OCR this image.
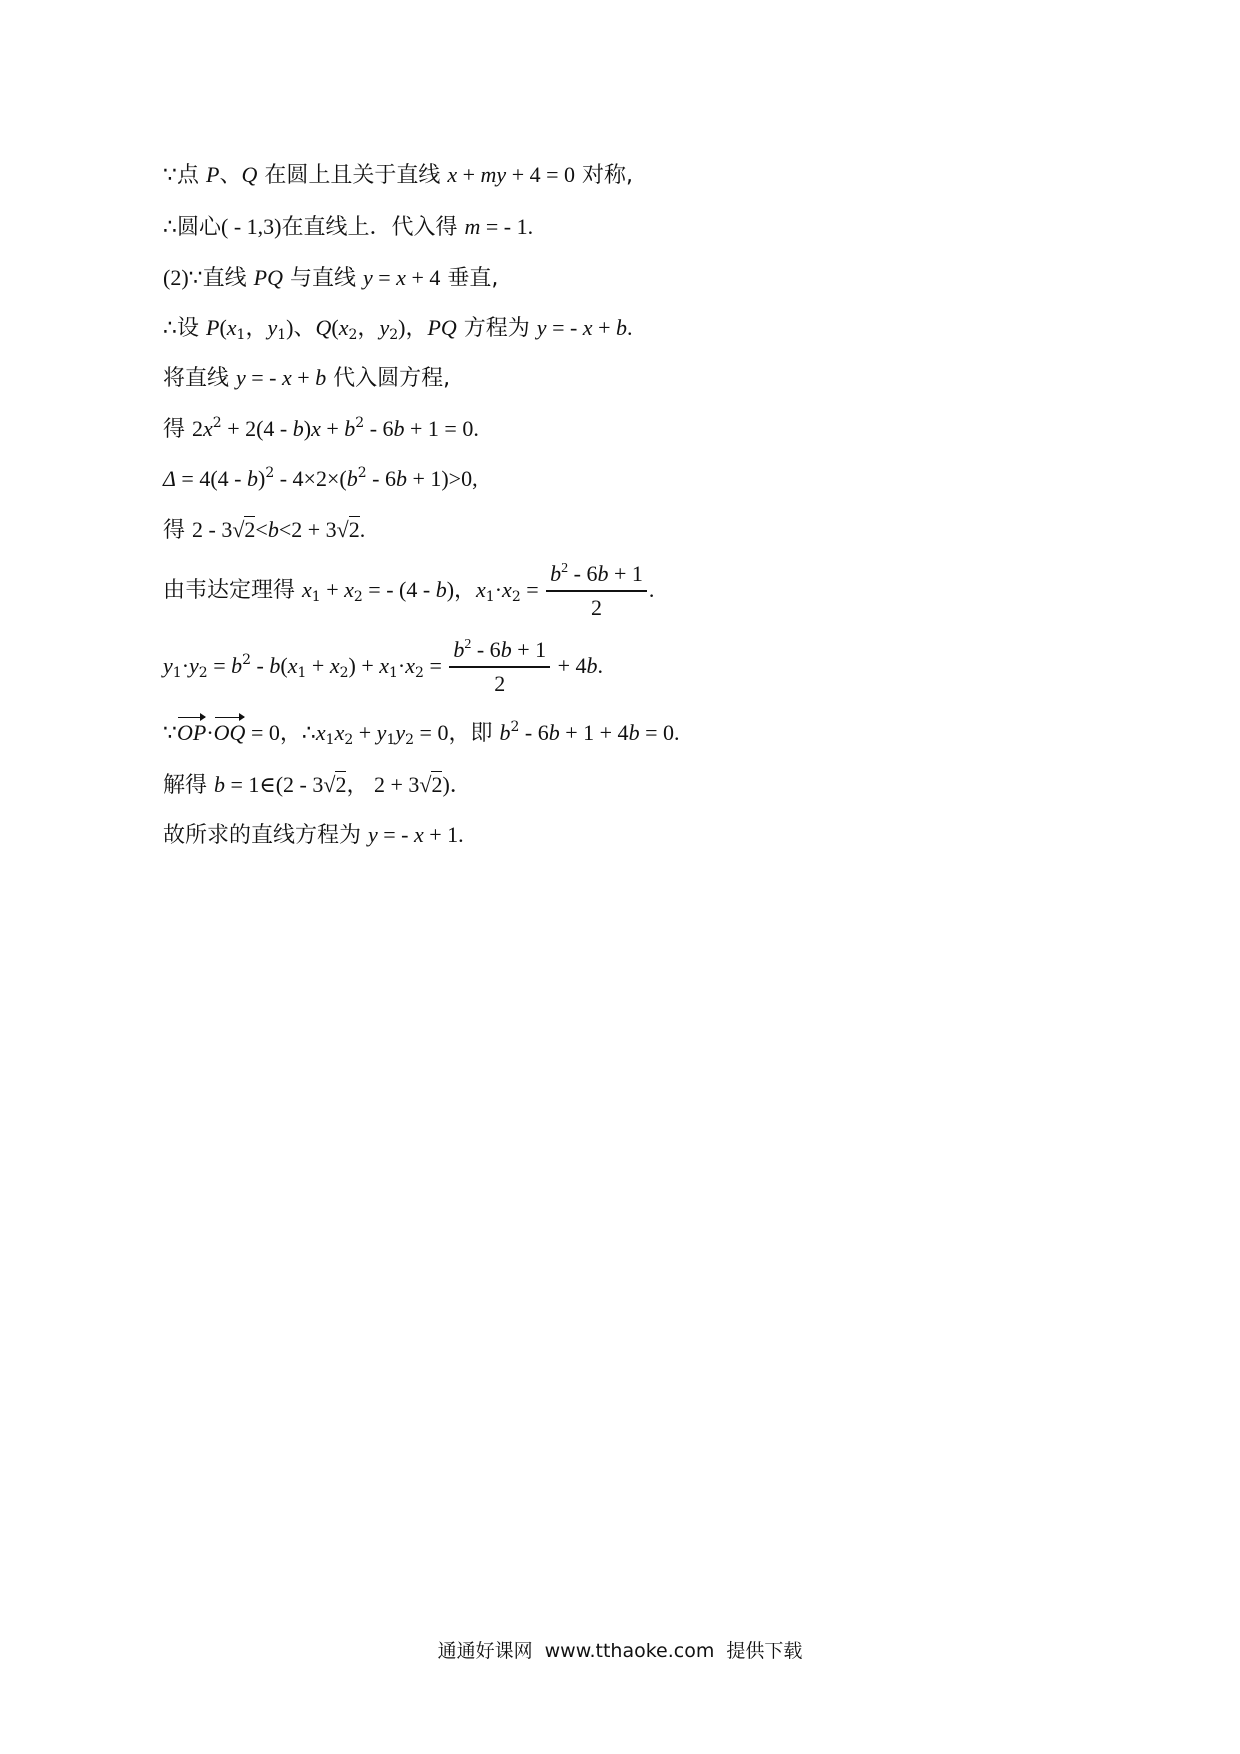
∵点 P、Q 在圆上且关于直线 x + my + 4 = 0 对称,
∴圆心( - 1,3)在直线上．代入得 m = - 1.
(2)∵直线 PQ 与直线 y = x + 4 垂直,
∴设 $P(x_1$，$y_1$)、$Q(x_2$，$y_2$)，PQ 方程为 y = - x + b.
将直线 y = - x + b 代入圆方程,
得 $2x^2 + 2(4 - b)x + b^2 - 6b + 1 = 0$.
$\Delta = 4(4 - b)^2 - 4\times 2\times(b^2 - 6b + 1)>0$,
得 2 - 3√2<b<2 + 3√2.
由韦达定理得 $x_1 + x_2$ = - (4 - b)，$x_1\cdot x_2 = \frac{b^2 - 6b + 1}{2}$ .
$y_1\cdot y_2 = b^2 - b(x_1 + x_2) + x_1\cdot x_2 = \frac{b^2 - 6b + 1}{2} + 4b$.
∵OP·OQ = 0，$\therefore x_1x_2 + y_1y_2 = 0$，即 $b^2 - 6b + 1 + 4b = 0$.
解得 b = 1∈(2 - 3√2， 2 + 3√2)．
故所求的直线方程为 y = - x + 1.
通通好课网 www.tthaoke.com 提供下载
